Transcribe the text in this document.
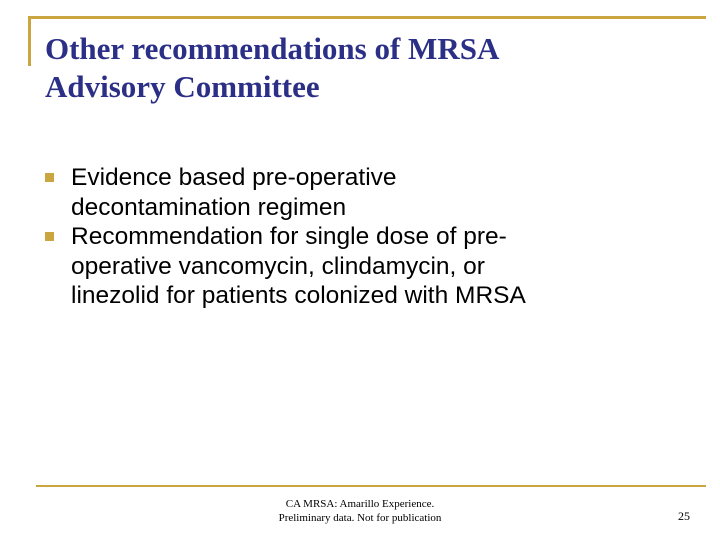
Other recommendations of MRSA
Advisory Committee
Evidence based pre-operative
decontamination regimen
Recommendation for single dose of pre-
operative vancomycin, clindamycin, or
linezolid for patients colonized with MRSA
CA MRSA: Amarillo Experience.
Preliminary data. Not for publication	25
